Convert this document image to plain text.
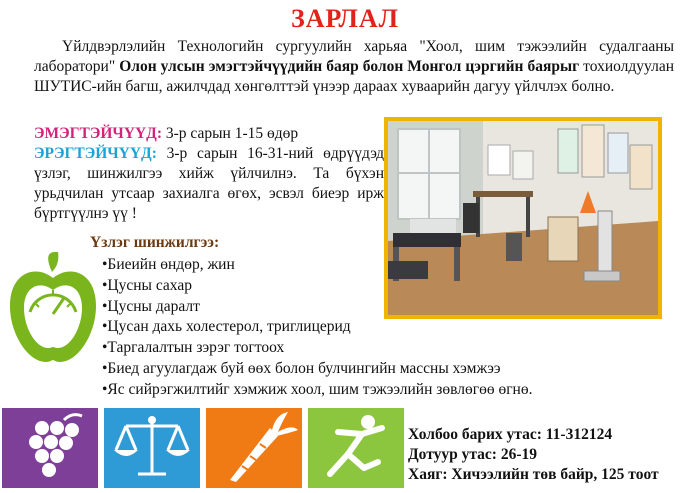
ЗАРЛАЛ
Үйлдвэрлэлийн Технологийн сургуулийн харьяа "Хоол, шим тэжээлийн судалгааны лаборатори" Олон улсын эмэгтэйчүүдийн баяр болон Монгол цэргийн баярыг тохиолдуулан ШУТИС-ийн багш, ажилчдад хөнгөлттэй үнээр дараах хуваарийн дагуу үйлчлэх болно.
ЭМЭГТЭЙЧҮҮД: 3-р сарын 1-15 өдөр
ЭРЭГТЭЙЧҮҮД: 3-р сарын 16-31-ний өдрүүдэд үзлэг, шинжилгээ хийж үйлчилнэ. Та бүхэн урьдчилан утсаар захиалга өгөх, эсвэл биеэр ирж бүртгүүлнэ үү !
Үзлэг шинжилгээ:
•Биеийн өндөр, жин
•Цусны сахар
•Цусны даралт
•Цусан дахь холестерол, триглицерид
•Таргалалтын зэрэг тогтоох
•Биед агуулагдаж буй өөх болон булчингийн массны хэмжээ
•Яс сийрэгжилтийг хэмжиж хоол, шим тэжээлийн зөвлөгөө өгнө.
Холбоо барих утас: 11-312124
Дотуур утас: 26-19
Хаяг: Хичээлийн төв байр, 125 тоот
